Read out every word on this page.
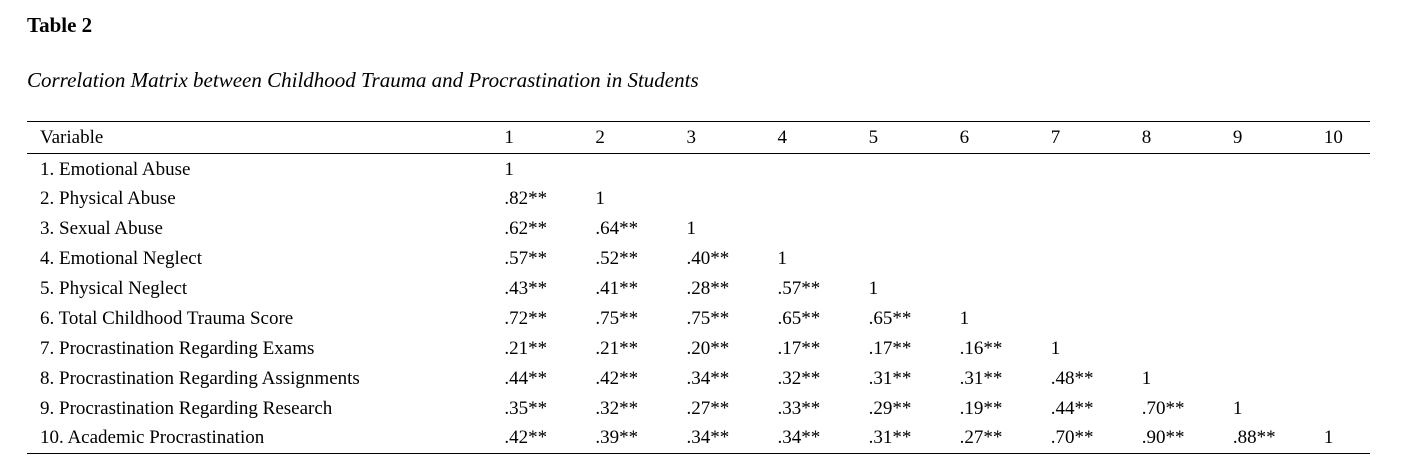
Table 2

Correlation Matrix between Childhood Trauma and Procrastination in Students

Variable	1	2	3	4	5	6	7	8	9	10
1. Emotional Abuse	1									
2. Physical Abuse	.82**	1								
3. Sexual Abuse	.62**	.64**	1							
4. Emotional Neglect	.57**	.52**	.40**	1						
5. Physical Neglect	.43**	.41**	.28**	.57**	1					
6. Total Childhood Trauma Score	.72**	.75**	.75**	.65**	.65**	1				
7. Procrastination Regarding Exams	.21**	.21**	.20**	.17**	.17**	.16**	1			
8. Procrastination Regarding Assignments	.44**	.42**	.34**	.32**	.31**	.31**	.48**	1		
9. Procrastination Regarding Research	.35**	.32**	.27**	.33**	.29**	.19**	.44**	.70**	1	
10. Academic Procrastination	.42**	.39**	.34**	.34**	.31**	.27**	.70**	.90**	.88**	1
